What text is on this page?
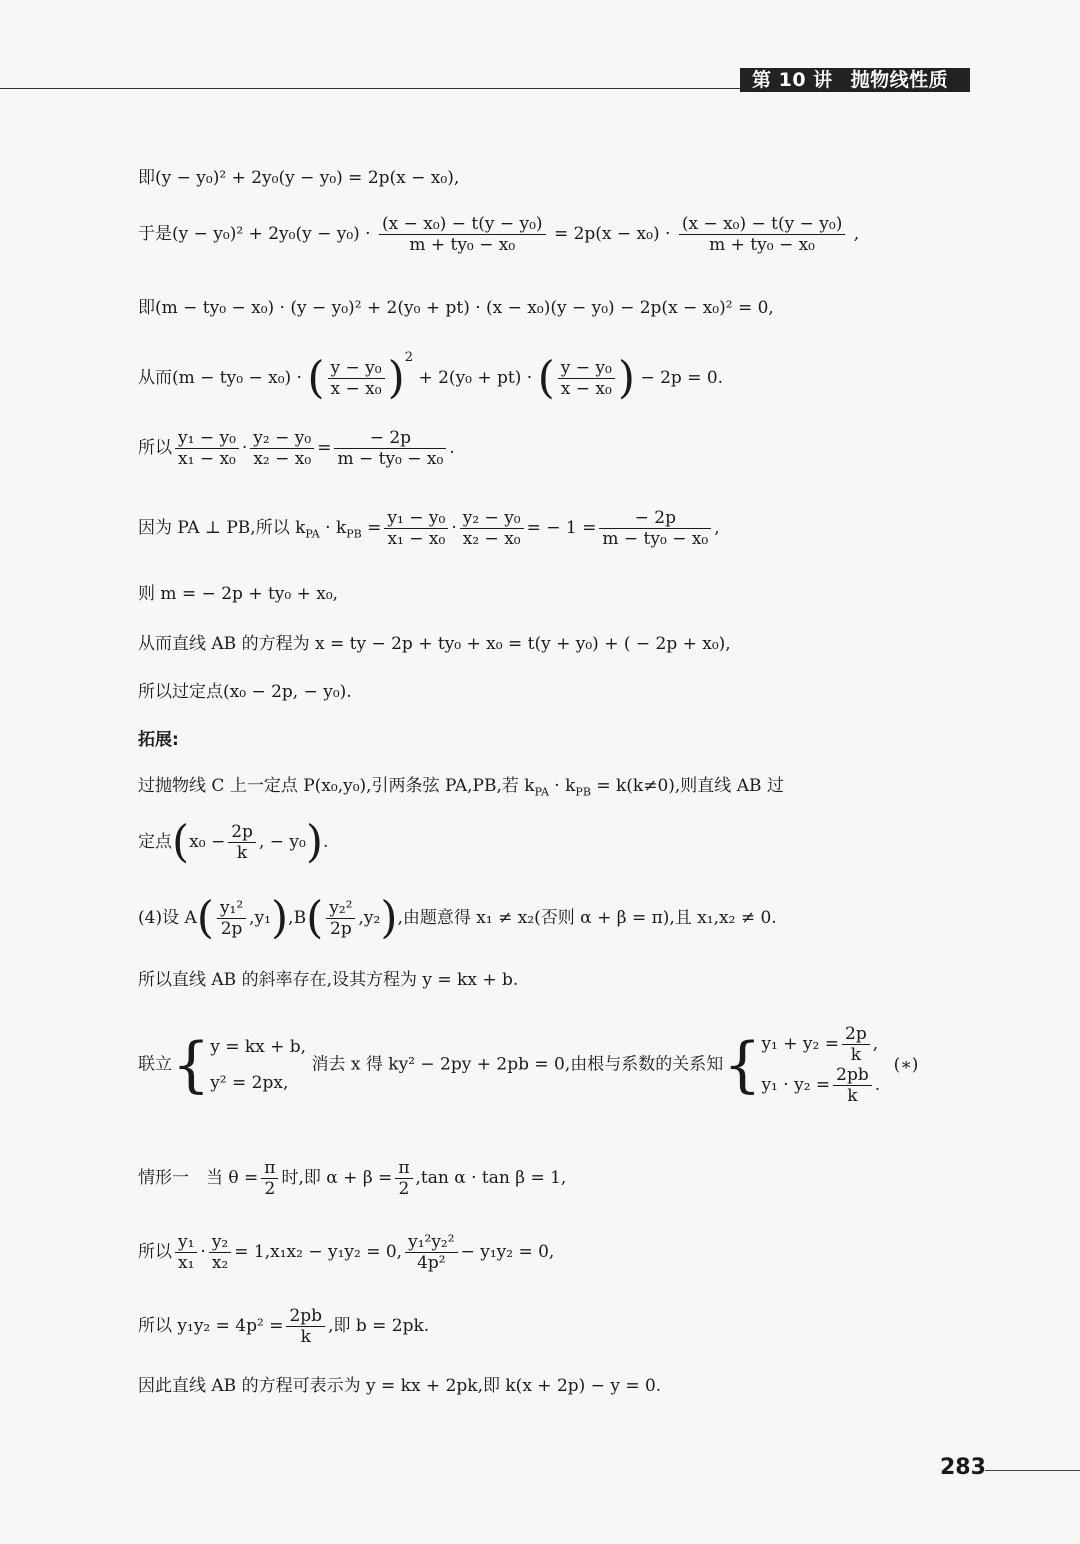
第 10 讲 抛物线性质
即(y − y₀)² + 2y₀(y − y₀) = 2p(x − x₀),
于是$(y - y_0)^2 + 2y_0(y - y_0) \cdot \frac{\text{(x − x₀) − t(y − y₀)}}{\text{m + ty₀ − x₀}} = 2p(x - x_0) \cdot \frac{\text{(x − x₀) − t(y − y₀)}}{\text{m + ty₀ − x₀}}$ ,
即(m − ty₀ − x₀) · (y − y₀)² + 2(y₀ + pt) · (x − x₀)(y − y₀) − 2p(x − x₀)² = 0,
从而(m − ty₀ − x₀) · ( $\frac{\text{y − y₀}}{\text{x − x₀}} )^2 + 2(y_0 + pt)$ · ( $\frac{\text{y − y₀}}{\text{x − x₀}}$ ) − 2p = 0.
所以 $\frac{\text{y₁ − y₀}}{\text{x₁ − x₀}} \cdot \frac{\text{y₂ − y₀}}{\text{x₂ − x₀}} = \frac{- 2p}{\text{m − ty₀ − x₀}}$ .
因为 PA ⊥ PB,所以 $k_{PA} \cdot k_{PB} = \frac{\text{y₁ − y₀}}{\text{x₁ − x₀}} \cdot \frac{\text{y₂ − y₀}}{\text{x₂ − x₀}}$ = − $1 = \frac{- 2p}{\text{m − ty₀ − x₀}}$ ,
则 m = − 2p + ty₀ + x₀,
从而直线 AB 的方程为 x = ty − 2p + ty₀ + x₀ = t(y + y₀) + ( − 2p + x₀),
所以过定点(x₀ − 2p, − y₀).
拓展:
过抛物线 C 上一定点 P(x₀,y₀),引两条弦 PA,PB,若 $k_{PA} \cdot k_{PB} = k(k\ne 0)$,则直线 AB 过
定点($x_0 - \frac{2p}{k}$ , − y₀).
(4)设 $A( \frac{\text{y₁²}}{2p} ,y_1),B( \frac{\text{y₂²}}{2p} ,y_2)$,由题意得 x₁ ≠ x₂(否则 α + β = π),且 x₁,x₂ ≠ 0.
所以直线 AB 的斜率存在,设其方程为 y = kx + b.
联立{ y = kx + b,
y² = 2px,
消去 x 得 ky² − 2py + 2pb = 0,由根与系数的关系知{ $y_1 + y_2 = \frac{2p}{k}$ ,
$y_1 \cdot y_2 = \frac{2pb}{k}$ .
(∗)
情形一　当 $\theta = \frac{\pi}{2}$ 时,即 $\alpha + \beta = \frac{\pi}{2} ,\tan$ α · tan β = 1,
所以 $\frac{\text{y₁}}{\text{x₁}} \cdot \frac{\text{y₂}}{\text{x₂}} = 1,x_1x_2 - y_1y_2 = 0$, $\frac{\text{y₁²y₂²}}{\text{4p²}} - y_1y_2 = 0$,
所以 $y_1y_2 = 4p^2 = \frac{2pb}{k}$ ,即 b = 2pk.
因此直线 AB 的方程可表示为 y = kx + 2pk,即 k(x + 2p) − y = 0.
283
